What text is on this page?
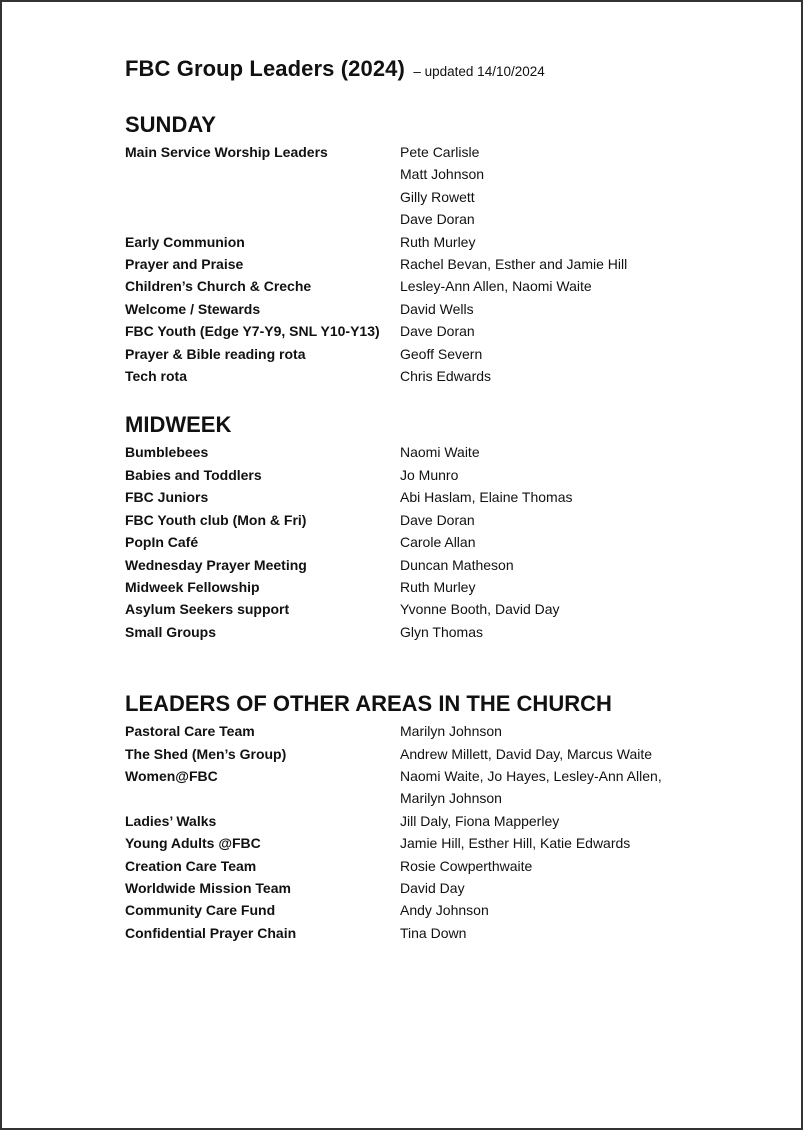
FBC Group Leaders (2024) – updated 14/10/2024
SUNDAY
Main Service Worship Leaders	Pete Carlisle
Matt Johnson
Gilly Rowett
Dave Doran
Early Communion	Ruth Murley
Prayer and Praise	Rachel Bevan, Esther and Jamie Hill
Children’s Church & Creche	Lesley-Ann Allen, Naomi Waite
Welcome / Stewards	David Wells
FBC Youth (Edge Y7-Y9, SNL Y10-Y13)	Dave Doran
Prayer & Bible reading rota	Geoff Severn
Tech rota	Chris Edwards
MIDWEEK
Bumblebees	Naomi Waite
Babies and Toddlers	Jo Munro
FBC Juniors	Abi Haslam, Elaine Thomas
FBC Youth club (Mon & Fri)	Dave Doran
PopIn Café	Carole Allan
Wednesday Prayer Meeting	Duncan Matheson
Midweek Fellowship	Ruth Murley
Asylum Seekers support	Yvonne Booth, David Day
Small Groups	Glyn Thomas
LEADERS OF OTHER AREAS IN THE CHURCH
Pastoral Care Team	Marilyn Johnson
The Shed (Men’s Group)	Andrew Millett, David Day, Marcus Waite
Women@FBC	Naomi Waite, Jo Hayes, Lesley-Ann Allen,
Marilyn Johnson
Ladies’ Walks	Jill Daly, Fiona Mapperley
Young Adults @FBC	Jamie Hill, Esther Hill, Katie Edwards
Creation Care Team	Rosie Cowperthwaite
Worldwide Mission Team	David Day
Community Care Fund	Andy Johnson
Confidential Prayer Chain	Tina Down
